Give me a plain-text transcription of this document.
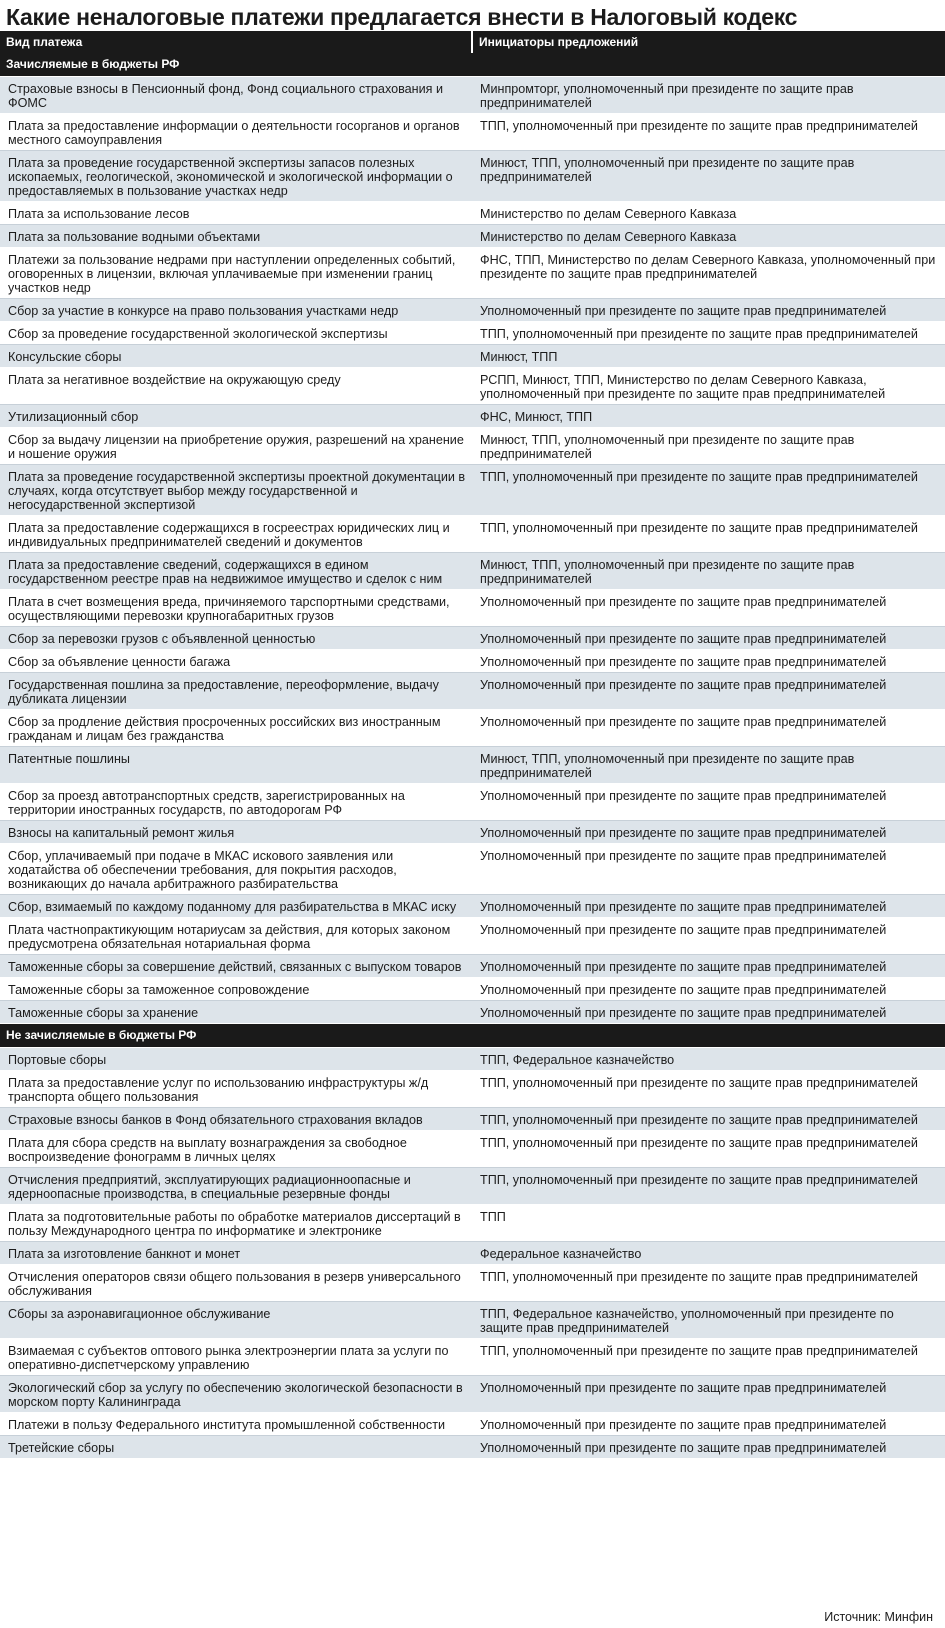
Какие неналоговые платежи предлагается внести в Налоговый кодекс
Вид платежа	Инициаторы предложений
Зачисляемые в бюджеты РФ	
Страховые взносы в Пенсионный фонд, Фонд социального страхования и ФОМС	Минпромторг, уполномоченный при президенте по защите прав предпринимателей
Плата за предоставление информации о деятельности госорганов и органов местного самоуправления	ТПП, уполномоченный при президенте по защите прав предпринимателей
Плата за проведение государственной экспертизы запасов полезных ископаемых, геологической, экономической и экологической информации о предоставляемых в пользование участках недр	Минюст, ТПП, уполномоченный при президенте по защите прав предпринимателей
Плата за использование лесов	Министерство по делам Северного Кавказа
Плата за пользование водными объектами	Министерство по делам Северного Кавказа
Платежи за пользование недрами при наступлении определенных событий, оговоренных в лицензии, включая уплачиваемые при изменении границ участков недр	ФНС, ТПП, Министерство по делам Северного Кавказа, уполномоченный при президенте по защите прав предпринимателей
Сбор за участие в конкурсе на право пользования участками недр	Уполномоченный при президенте по защите прав предпринимателей
Сбор за проведение государственной экологической экспертизы	ТПП, уполномоченный при президенте по защите прав предпринимателей
Консульские сборы	Минюст, ТПП
Плата за негативное воздействие на окружающую среду	РСПП, Минюст, ТПП, Министерство по делам Северного Кавказа, уполномоченный при президенте по защите прав предпринимателей
Утилизационный сбор	ФНС, Минюст, ТПП
Сбор за выдачу лицензии на приобретение оружия, разрешений на хранение и ношение оружия	Минюст, ТПП, уполномоченный при президенте по защите прав предпринимателей
Плата за проведение государственной экспертизы проектной документации в случаях, когда отсутствует выбор между государственной и негосударственной экспертизой	ТПП, уполномоченный при президенте по защите прав предпринимателей
Плата за предоставление содержащихся в госреестрах юридических лиц и индивидуальных предпринимателей сведений и документов	ТПП, уполномоченный при президенте по защите прав предпринимателей
Плата за предоставление сведений, содержащихся в едином государственном реестре прав на недвижимое имущество и сделок с ним	Минюст, ТПП, уполномоченный при президенте по защите прав предпринимателей
Плата в счет возмещения вреда, причиняемого тарспортными средствами, осуществляющими перевозки крупногабаритных грузов	Уполномоченный при президенте по защите прав предпринимателей
Сбор за перевозки грузов с объявленной ценностью	Уполномоченный при президенте по защите прав предпринимателей
Сбор за объявление ценности багажа	Уполномоченный при президенте по защите прав предпринимателей
Государственная пошлина за предоставление, переоформление, выдачу дубликата лицензии	Уполномоченный при президенте по защите прав предпринимателей
Сбор за продление действия просроченных российских виз иностранным гражданам и лицам без гражданства	Уполномоченный при президенте по защите прав предпринимателей
Патентные пошлины	Минюст, ТПП, уполномоченный при президенте по защите прав предпринимателей
Сбор за проезд автотранспортных средств, зарегистрированных на территории иностранных государств, по автодорогам РФ	Уполномоченный при президенте по защите прав предпринимателей
Взносы на капитальный ремонт жилья	Уполномоченный при президенте по защите прав предпринимателей
Сбор, уплачиваемый при подаче в МКАС искового заявления или ходатайства об обеспечении требования, для покрытия расходов, возникающих до начала арбитражного разбирательства	Уполномоченный при президенте по защите прав предпринимателей
Сбор, взимаемый по каждому поданному для разбирательства в МКАС иску	Уполномоченный при президенте по защите прав предпринимателей
Плата частнопрактикующим нотариусам за действия, для которых законом предусмотрена обязательная нотариальная форма	Уполномоченный при президенте по защите прав предпринимателей
Таможенные сборы за совершение действий, связанных с выпуском товаров	Уполномоченный при президенте по защите прав предпринимателей
Таможенные сборы за таможенное сопровождение	Уполномоченный при президенте по защите прав предпринимателей
Таможенные сборы за хранение	Уполномоченный при президенте по защите прав предпринимателей
Не зачисляемые в бюджеты РФ	
Портовые сборы	ТПП, Федеральное казначейство
Плата за предоставление услуг по использованию инфраструктуры ж/д транспорта общего пользования	ТПП, уполномоченный при президенте по защите прав предпринимателей
Страховые взносы банков в Фонд обязательного страхования вкладов	ТПП, уполномоченный при президенте по защите прав предпринимателей
Плата для сбора средств на выплату вознаграждения за свободное воспроизведение фонограмм в личных целях	ТПП, уполномоченный при президенте по защите прав предпринимателей
Отчисления предприятий, эксплуатирующих радиационноопасные и ядерноопасные производства, в специальные резервные фонды	ТПП, уполномоченный при президенте по защите прав предпринимателей
Плата за подготовительные работы по обработке материалов диссертаций в пользу Международного центра по информатике и электронике	ТПП
Плата за изготовление банкнот и монет	Федеральное казначейство
Отчисления операторов связи общего пользования в резерв универсального обслуживания	ТПП, уполномоченный при президенте по защите прав предпринимателей
Сборы за аэронавигационное обслуживание	ТПП, Федеральное казначейство, уполномоченный при президенте по защите прав предпринимателей
Взимаемая с субъектов оптового рынка электроэнергии плата за услуги по оперативно-диспетчерскому управлению	ТПП, уполномоченный при президенте по защите прав предпринимателей
Экологический сбор за услугу по обеспечению экологической безопасности в морском порту Калининграда	Уполномоченный при президенте по защите прав предпринимателей
Платежи в пользу Федерального института промышленной собственности	Уполномоченный при президенте по защите прав предпринимателей
Третейские сборы	Уполномоченный при президенте по защите прав предпринимателей
Источник: Минфин
